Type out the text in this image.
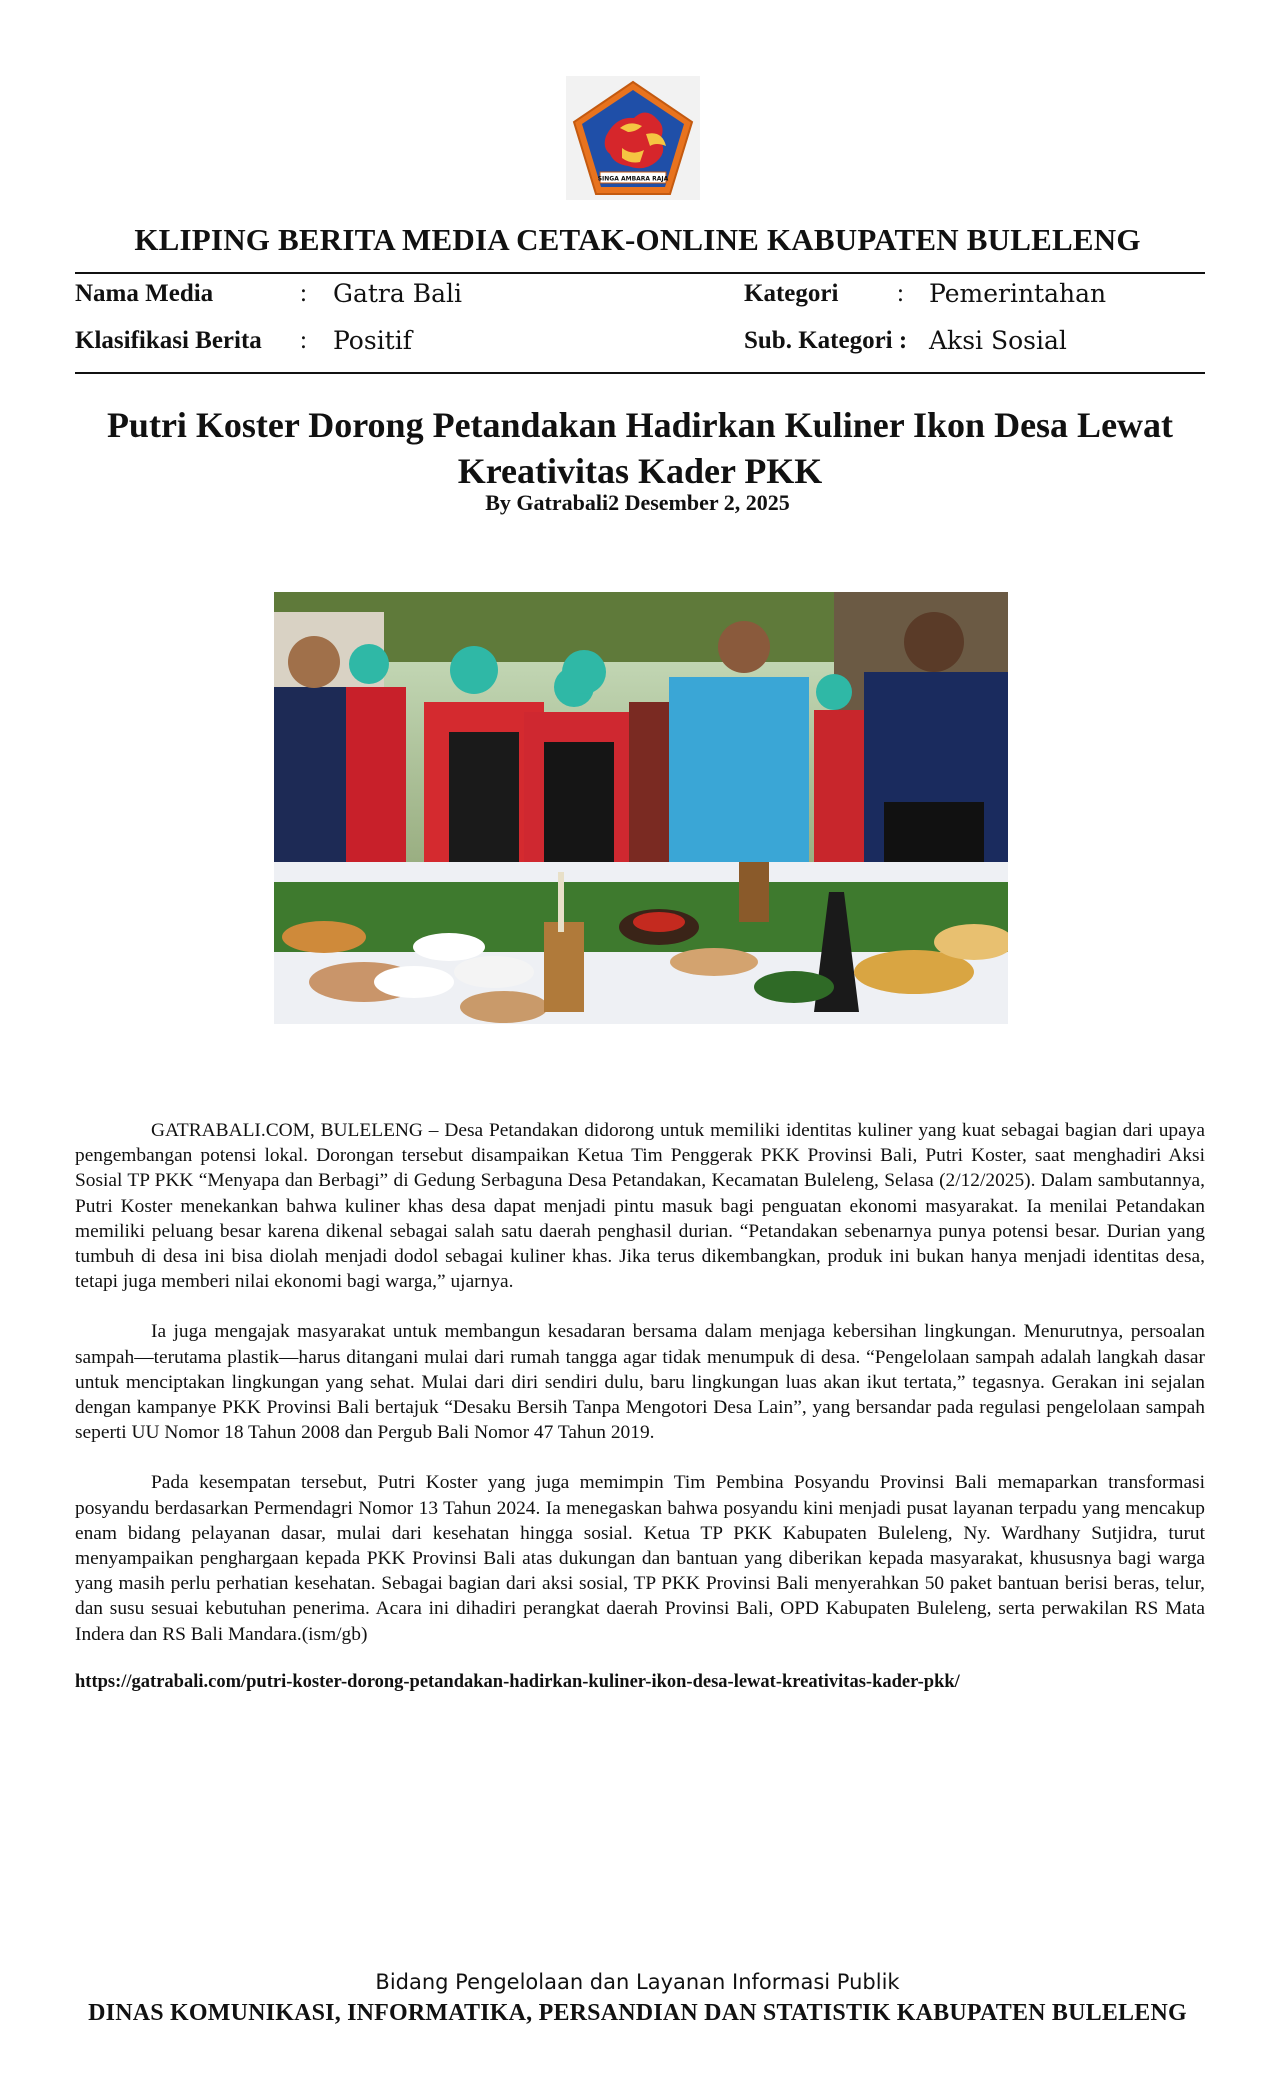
SINGA AMBARA RAJA
KLIPING BERITA MEDIA CETAK-ONLINE KABUPATEN BULELENG
Nama Media	: Gatra Bali
Klasifikasi Berita : Positif
Kategori : Pemerintahan
Sub. Kategori : Aksi Sosial
Putri Koster Dorong Petandakan Hadirkan Kuliner Ikon Desa Lewat Kreativitas Kader PKK
By Gatrabali2 Desember 2, 2025

GATRABALI.COM, BULELENG – Desa Petandakan didorong untuk memiliki identitas kuliner yang kuat sebagai bagian dari upaya pengembangan potensi lokal. Dorongan tersebut disampaikan Ketua Tim Penggerak PKK Provinsi Bali, Putri Koster, saat menghadiri Aksi Sosial TP PKK “Menyapa dan Berbagi” di Gedung Serbaguna Desa Petandakan, Kecamatan Buleleng, Selasa (2/12/2025). Dalam sambutannya, Putri Koster menekankan bahwa kuliner khas desa dapat menjadi pintu masuk bagi penguatan ekonomi masyarakat. Ia menilai Petandakan memiliki peluang besar karena dikenal sebagai salah satu daerah penghasil durian. “Petandakan sebenarnya punya potensi besar. Durian yang tumbuh di desa ini bisa diolah menjadi dodol sebagai kuliner khas. Jika terus dikembangkan, produk ini bukan hanya menjadi identitas desa, tetapi juga memberi nilai ekonomi bagi warga,” ujarnya.

Ia juga mengajak masyarakat untuk membangun kesadaran bersama dalam menjaga kebersihan lingkungan. Menurutnya, persoalan sampah—terutama plastik—harus ditangani mulai dari rumah tangga agar tidak menumpuk di desa. “Pengelolaan sampah adalah langkah dasar untuk menciptakan lingkungan yang sehat. Mulai dari diri sendiri dulu, baru lingkungan luas akan ikut tertata,” tegasnya. Gerakan ini sejalan dengan kampanye PKK Provinsi Bali bertajuk “Desaku Bersih Tanpa Mengotori Desa Lain”, yang bersandar pada regulasi pengelolaan sampah seperti UU Nomor 18 Tahun 2008 dan Pergub Bali Nomor 47 Tahun 2019.

Pada kesempatan tersebut, Putri Koster yang juga memimpin Tim Pembina Posyandu Provinsi Bali memaparkan transformasi posyandu berdasarkan Permendagri Nomor 13 Tahun 2024. Ia menegaskan bahwa posyandu kini menjadi pusat layanan terpadu yang mencakup enam bidang pelayanan dasar, mulai dari kesehatan hingga sosial. Ketua TP PKK Kabupaten Buleleng, Ny. Wardhany Sutjidra, turut menyampaikan penghargaan kepada PKK Provinsi Bali atas dukungan dan bantuan yang diberikan kepada masyarakat, khususnya bagi warga yang masih perlu perhatian kesehatan. Sebagai bagian dari aksi sosial, TP PKK Provinsi Bali menyerahkan 50 paket bantuan berisi beras, telur, dan susu sesuai kebutuhan penerima. Acara ini dihadiri perangkat daerah Provinsi Bali, OPD Kabupaten Buleleng, serta perwakilan RS Mata Indera dan RS Bali Mandara.(ism/gb)

https://gatrabali.com/putri-koster-dorong-petandakan-hadirkan-kuliner-ikon-desa-lewat-kreativitas-kader-pkk/
Bidang Pengelolaan dan Layanan Informasi Publik
DINAS KOMUNIKASI, INFORMATIKA, PERSANDIAN DAN STATISTIK KABUPATEN BULELENG
